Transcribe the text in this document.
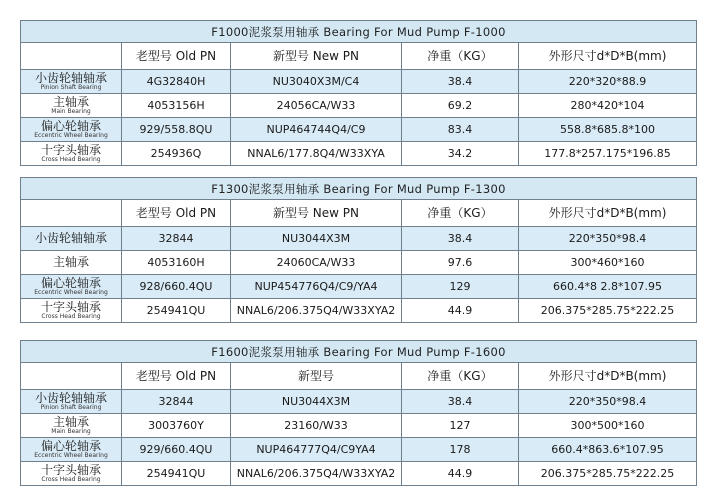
F1000泥浆泵用轴承 Bearing For Mud Pump F-1000				
	老型号 Old PN	新型号 New PN	净重（KG）	外形尺寸d*D*B(mm)

小齿轮轴轴承
Pinion Shaft Bearing	4G32840H	NU3040X3M/C4	38.4	220*320*88.9

主轴承
Main Bearing	4053156H	24056CA/W33	69.2	280*420*104

偏心轮轴承
Eccentric Wheel Bearing	929/558.8QU	NUP464744Q4/C9	83.4	558.8*685.8*100

十字头轴承
Cross Head Bearing	254936Q	NNAL6/177.8Q4/W33XYA	34.2	177.8*257.175*196.85
F1300泥浆泵用轴承 Bearing For Mud Pump F-1300				
	老型号 Old PN	新型号 New PN	净重（KG）	外形尺寸d*D*B(mm)
小齿轮轴轴承	32844	NU3044X3M	38.4	220*350*98.4
主轴承	4053160H	24060CA/W33	97.6	300*460*160

偏心轮轴承
Eccentric Wheel Bearing	928/660.4QU	NUP454776Q4/C9/YA4	129	660.4*8 2.8*107.95

十字头轴承
Cross Head Bearing	254941QU	NNAL6/206.375Q4/W33XYA2	44.9	206.375*285.75*222.25
F1600泥浆泵用轴承 Bearing For Mud Pump F-1600				
	老型号 Old PN	新型号	净重（KG）	外形尺寸d*D*B(mm)

小齿轮轴轴承
Pinion Shaft Bearing	32844	NU3044X3M	38.4	220*350*98.4

主轴承
Main Bearing	3003760Y	23160/W33	127	300*500*160

偏心轮轴承
Eccentric Wheel Bearing	929/660.4QU	NUP464777Q4/C9YA4	178	660.4*863.6*107.95

十字头轴承
Cross Head Bearing	254941QU	NNAL6/206.375Q4/W33XYA2	44.9	206.375*285.75*222.25
